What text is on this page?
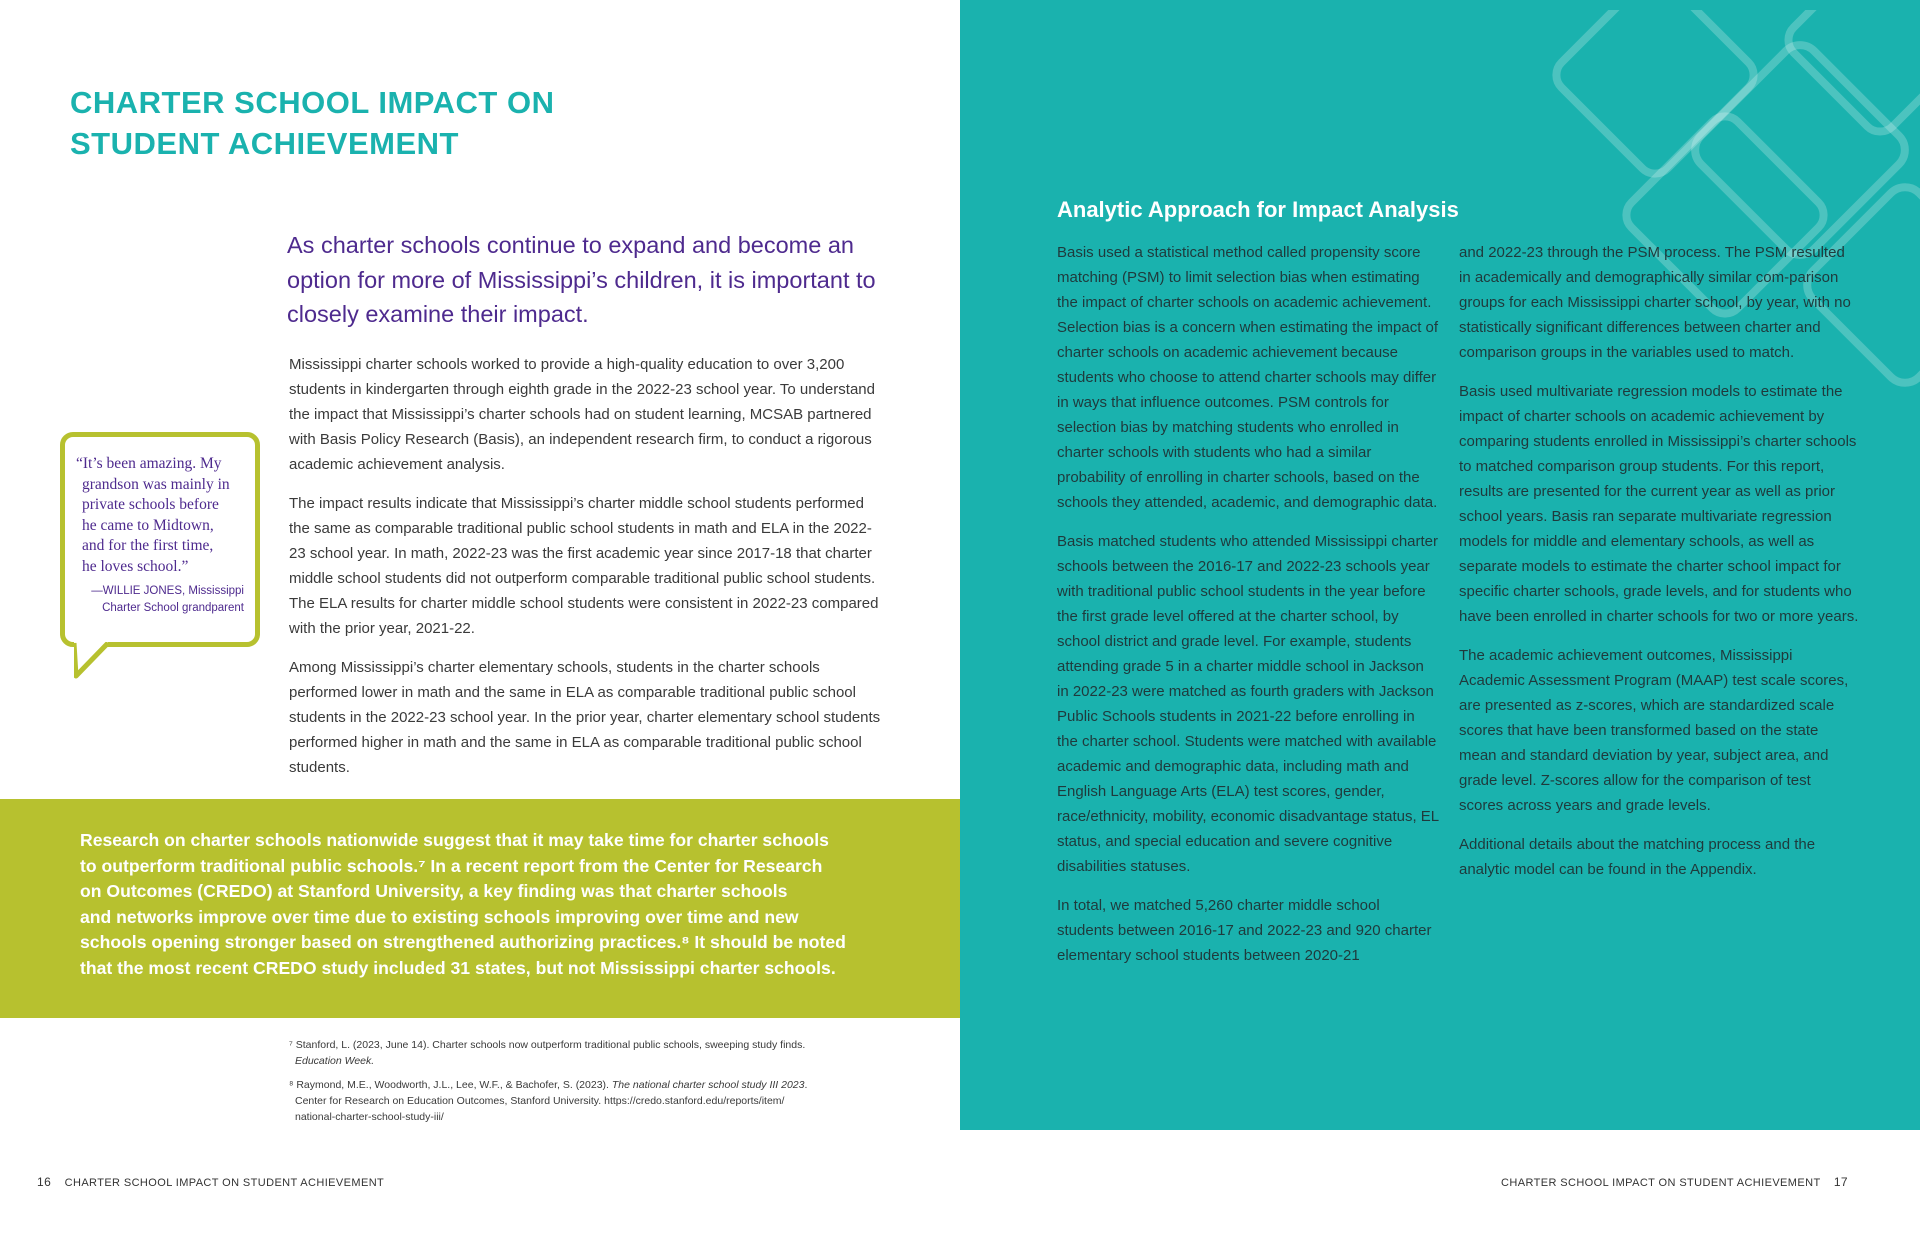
CHARTER SCHOOL IMPACT ON
STUDENT ACHIEVEMENT

As charter schools continue to expand and become an option for more of Mississippi’s children, it is important to closely examine their impact.

Mississippi charter schools worked to provide a high-quality education to over 3,200 students in kindergarten through eighth grade in the 2022-23 school year. To understand the impact that Mississippi’s charter schools had on student learning, MCSAB partnered with Basis Policy Research (Basis), an independent research firm, to conduct a rigorous academic achievement analysis.

The impact results indicate that Mississippi’s charter middle school students performed the same as comparable traditional public school students in math and ELA in the 2022-23 school year. In math, 2022-23 was the first academic year since 2017-18 that charter middle school students did not outperform comparable traditional public school students. The ELA results for charter middle school students were consistent in 2022-23 compared with the prior year, 2021-22.

Among Mississippi’s charter elementary schools, students in the charter schools performed lower in math and the same in ELA as comparable traditional public school students in the 2022-23 school year. In the prior year, charter elementary school students performed higher in math and the same in ELA as comparable traditional public school students.

“It’s been amazing. My
grandson was mainly in
private schools before
he came to Midtown,
and for the first time,
he loves school.”
—WILLIE JONES, Mississippi
Charter School grandparent
Research on charter schools nationwide suggest that it may take time for charter schools
to outperform traditional public schools.⁷ In a recent report from the Center for Research
on Outcomes (CREDO) at Stanford University, a key finding was that charter schools
and networks improve over time due to existing schools improving over time and new
schools opening stronger based on strengthened authorizing practices.⁸ It should be noted
that the most recent CREDO study included 31 states, but not Mississippi charter schools.
⁷ Stanford, L. (2023, June 14). Charter schools now outperform traditional public schools, sweeping study finds.
Education Week.
⁸ Raymond, M.E., Woodworth, J.L., Lee, W.F., & Bachofer, S. (2023). The national charter school study III 2023.
Center for Research on Education Outcomes, Stanford University. https://credo.stanford.edu/reports/item/
national-charter-school-study-iii/
16 CHARTER SCHOOL IMPACT ON STUDENT ACHIEVEMENT
Analytic Approach for Impact Analysis

Basis used a statistical method called propensity score matching (PSM) to limit selection bias when estimating the impact of charter schools on academic achievement. Selection bias is a concern when estimating the impact of charter schools on academic achievement because students who choose to attend charter schools may differ in ways that influence outcomes. PSM controls for selection bias by matching students who enrolled in charter schools with students who had a similar probability of enrolling in charter schools, based on the schools they attended, academic, and demographic data.

Basis matched students who attended Mississippi charter schools between the 2016-17 and 2022-23 schools year with traditional public school students in the year before the first grade level offered at the charter school, by school district and grade level. For example, students attending grade 5 in a charter middle school in Jackson in 2022-23 were matched as fourth graders with Jackson Public Schools students in 2021-22 before enrolling in the charter school. Students were matched with available academic and demographic data, including math and English Language Arts (ELA) test scores, gender, race/ethnicity, mobility, economic disadvantage status, EL status, and special education and severe cognitive disabilities statuses.

In total, we matched 5,260 charter middle school students between 2016-17 and 2022-23 and 920 charter elementary school students between 2020-21

and 2022-23 through the PSM process. The PSM resulted in academically and demographically similar com-parison groups for each Mississippi charter school, by year, with no statistically significant differences between charter and comparison groups in the variables used to match.

Basis used multivariate regression models to estimate the impact of charter schools on academic achievement by comparing students enrolled in Mississippi’s charter schools to matched comparison group students. For this report, results are presented for the current year as well as prior school years. Basis ran separate multivariate regression models for middle and elementary schools, as well as separate models to estimate the charter school impact for specific charter schools, grade levels, and for students who have been enrolled in charter schools for two or more years.

The academic achievement outcomes, Mississippi Academic Assessment Program (MAAP) test scale scores, are presented as z-scores, which are standardized scale scores that have been transformed based on the state mean and standard deviation by year, subject area, and grade level. Z-scores allow for the comparison of test scores across years and grade levels.

Additional details about the matching process and the analytic model can be found in the Appendix.

CHARTER SCHOOL IMPACT ON STUDENT ACHIEVEMENT 17
